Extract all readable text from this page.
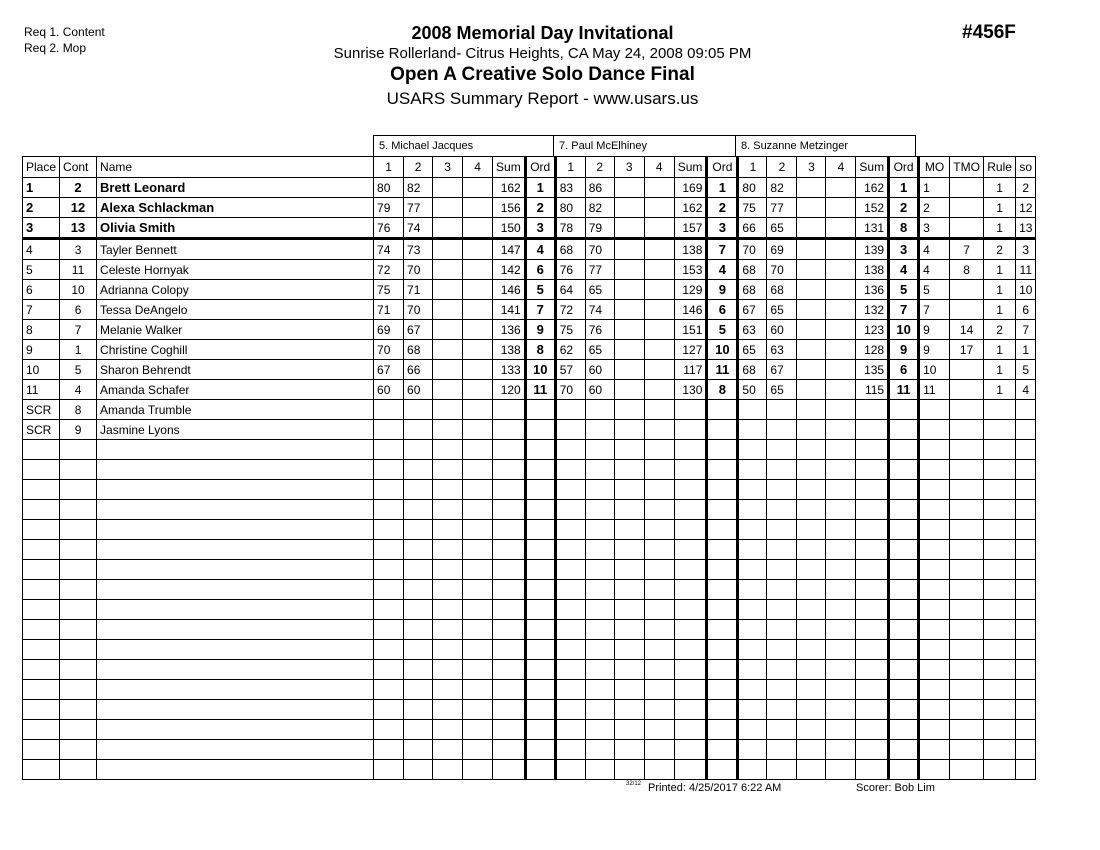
Req 1. Content
Req 2. Mop
#456F
2008 Memorial Day Invitational
Sunrise Rollerland- Citrus Heights, CA May 24, 2008 09:05 PM
Open A Creative Solo Dance Final
USARS Summary Report - www.usars.us
5. Michael Jacques	7. Paul McElhiney	8. Suzanne Metzinger
Place	Cont	Name	1	2	3	4	Sum	Ord	1	2	3	4	Sum	Ord	1	2	3	4	Sum	Ord	MO	TMO	Rule	so
1	2	Brett Leonard	80	82			162	1	83	86			169	1	80	82			162	1	1		1	2
2	12	Alexa Schlackman	79	77			156	2	80	82			162	2	75	77			152	2	2		1	12
3	13	Olivia Smith	76	74			150	3	78	79			157	3	66	65			131	8	3		1	13
4	3	Tayler Bennett	74	73			147	4	68	70			138	7	70	69			139	3	4	7	2	3
5	11	Celeste Hornyak	72	70			142	6	76	77			153	4	68	70			138	4	4	8	1	11
6	10	Adrianna Colopy	75	71			146	5	64	65			129	9	68	68			136	5	5		1	10
7	6	Tessa DeAngelo	71	70			141	7	72	74			146	6	67	65			132	7	7		1	6
8	7	Melanie Walker	69	67			136	9	75	76			151	5	63	60			123	10	9	14	2	7
9	1	Christine Coghill	70	68			138	8	62	65			127	10	65	63			128	9	9	17	1	1
10	5	Sharon Behrendt	67	66			133	10	57	60			117	11	68	67			135	6	10		1	5
11	4	Amanda Schafer	60	60			120	11	70	60			130	8	50	65			115	11	11		1	4
SCR	8	Amanda Trumble																						
SCR	9	Jasmine Lyons																						

32/12 Printed: 4/25/2017 6:22 AM	Scorer: Bob Lim
